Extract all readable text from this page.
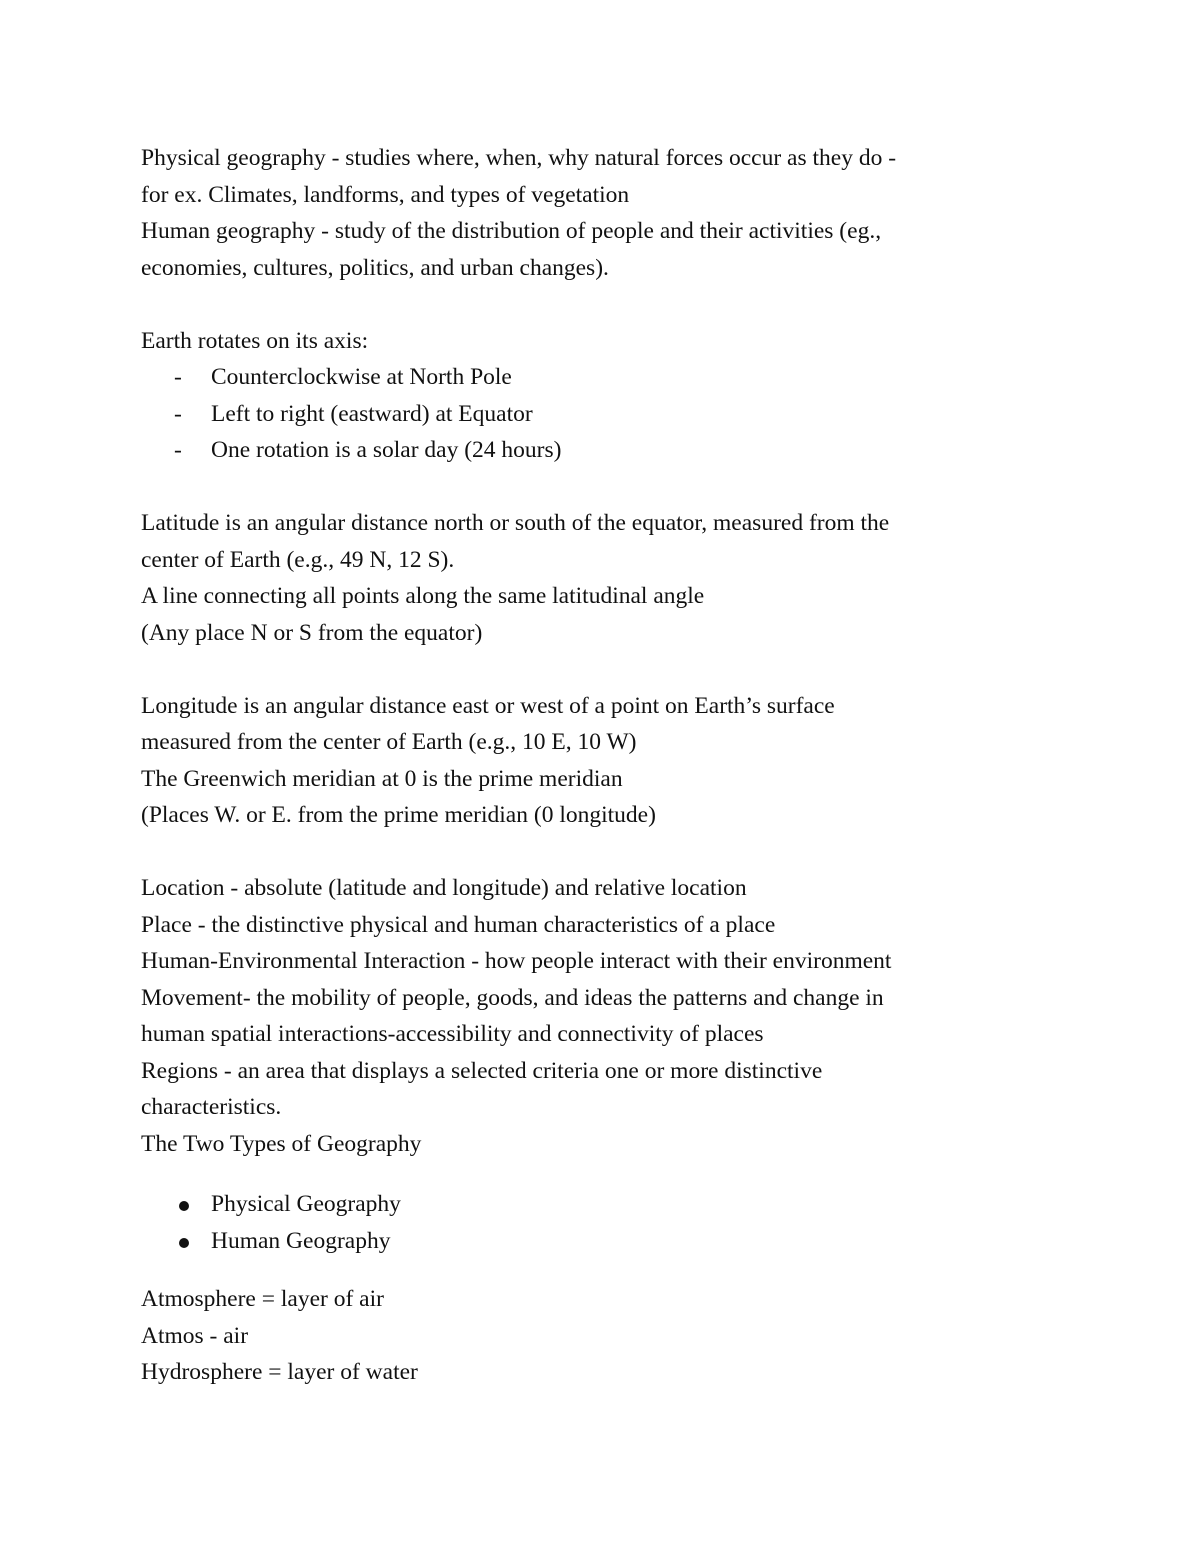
Physical geography - studies where, when, why natural forces occur as they do -
for ex. Climates, landforms, and types of vegetation
Human geography - study of the distribution of people and their activities (eg.,
economies, cultures, politics, and urban changes).
Earth rotates on its axis:
- Counterclockwise at North Pole
- Left to right (eastward) at Equator
- One rotation is a solar day (24 hours)
Latitude is an angular distance north or south of the equator, measured from the
center of Earth (e.g., 49 N, 12 S).
A line connecting all points along the same latitudinal angle
(Any place N or S from the equator)
Longitude is an angular distance east or west of a point on Earth’s surface
measured from the center of Earth (e.g., 10 E, 10 W)
The Greenwich meridian at 0 is the prime meridian
(Places W. or E. from the prime meridian (0 longitude)
Location - absolute (latitude and longitude) and relative location
Place - the distinctive physical and human characteristics of a place
Human-Environmental Interaction - how people interact with their environment
Movement- the mobility of people, goods, and ideas the patterns and change in
human spatial interactions-accessibility and connectivity of places
Regions - an area that displays a selected criteria one or more distinctive
characteristics.
The Two Types of Geography
Physical Geography
Human Geography
Atmosphere = layer of air
Atmos - air
Hydrosphere = layer of water
